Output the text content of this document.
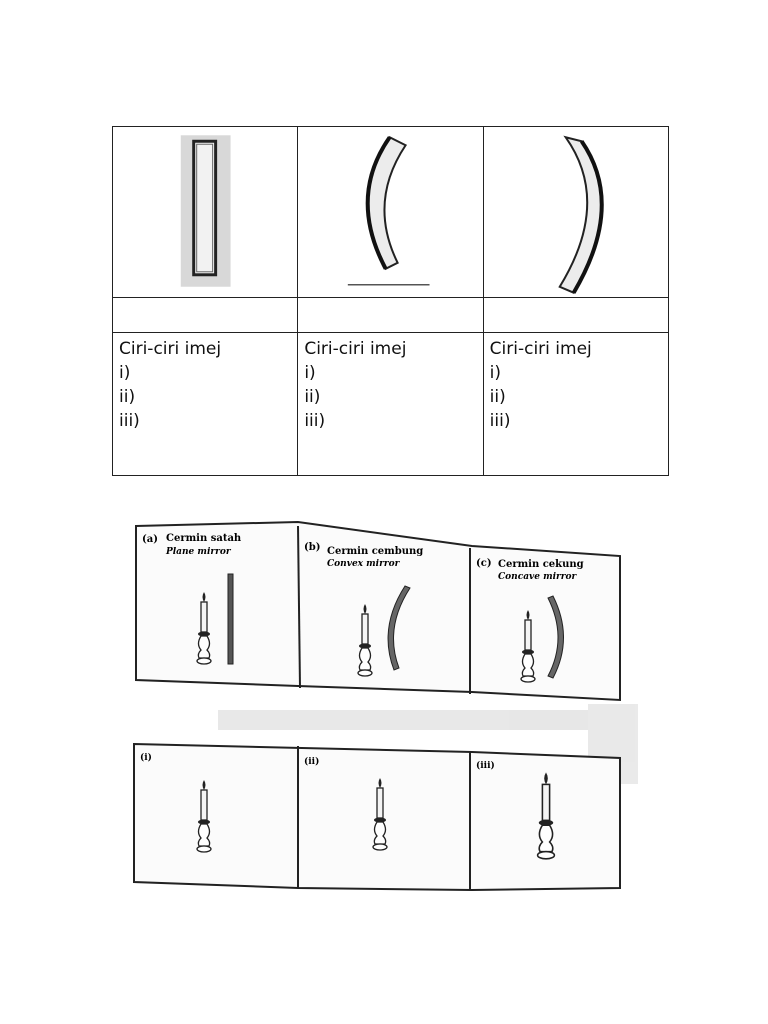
Ciri-ciri imej
i)
ii)
iii)	Ciri-ciri imej
i)
ii)
iii)	Ciri-ciri imej
i)
ii)
iii)
(a) Cermin satah
Plane mirror	(b) Cermin cembung
Convex mirror	(c) Cermin cekung
Concave mirror
(i)	(ii)	(iii)
